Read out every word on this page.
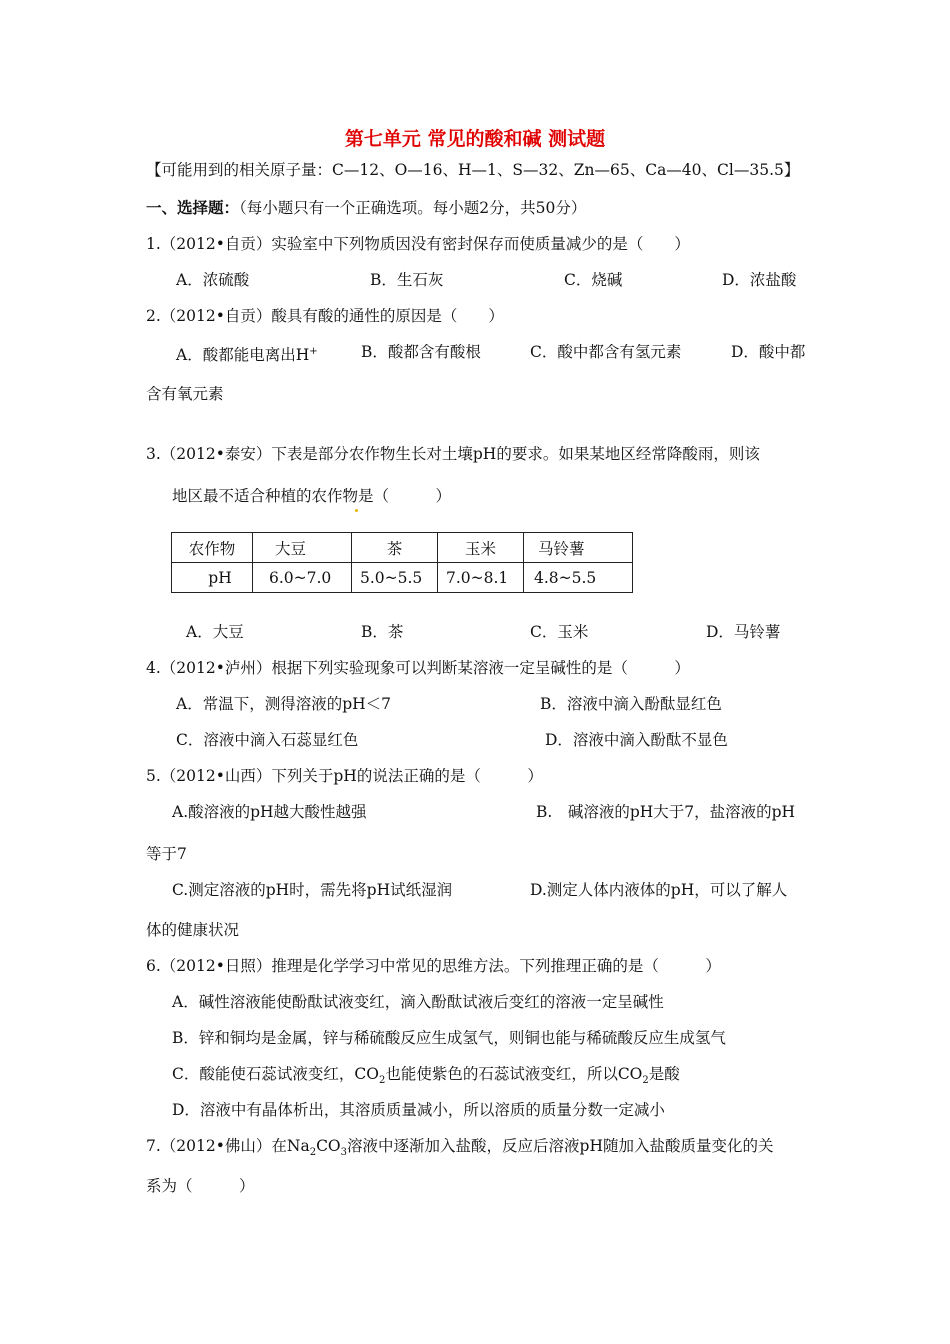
第七单元 常见的酸和碱 测试题
【可能用到的相关原子量：C—12、O—16、H—1、S—32、Zn—65、Ca—40、Cl—35.5】
一、选择题：（每小题只有一个正确选项。每小题2分，共50分）
1.（2012•自贡）实验室中下列物质因没有密封保存而使质量减少的是（　　）
A．浓硫酸	B．生石灰	C．烧碱	D．浓盐酸
2.（2012•自贡）酸具有酸的通性的原因是（　　）
A．酸都能电离出H+	B．酸都含有酸根	C．酸中都含有氢元素	D．酸中都
含有氧元素
3.（2012•泰安）下表是部分农作物生长对土壤pH的要求。如果某地区经常降酸雨，则该
地区最不适合种植的农作物是（　　　）
农作物	大豆	茶	玉米	马铃薯
pH	6.0~7.0	5.0~5.5	7.0~8.1	4.8~5.5
A．大豆	B．茶	C．玉米	D．马铃薯
4.（2012•泸州）根据下列实验现象可以判断某溶液一定呈碱性的是（　　　）
A．常温下，测得溶液的pH＜7	B．溶液中滴入酚酞显红色
C．溶液中滴入石蕊显红色	D．溶液中滴入酚酞不显色
5.（2012•山西）下列关于pH的说法正确的是（　　　）
A.酸溶液的pH越大酸性越强	B.　碱溶液的pH大于7，盐溶液的pH
等于7
C.测定溶液的pH时，需先将pH试纸湿润	D.测定人体内液体的pH，可以了解人
体的健康状况
6.（2012•日照）推理是化学学习中常见的思维方法。下列推理正确的是（　　　）
A．碱性溶液能使酚酞试液变红，滴入酚酞试液后变红的溶液一定呈碱性
B．锌和铜均是金属，锌与稀硫酸反应生成氢气，则铜也能与稀硫酸反应生成氢气
C．酸能使石蕊试液变红，$CO_2$也能使紫色的石蕊试液变红，所以$CO_2$是酸
D．溶液中有晶体析出，其溶质质量减小，所以溶质的质量分数一定减小
7.（2012•佛山）在$Na_2CO_3$溶液中逐渐加入盐酸，反应后溶液pH随加入盐酸质量变化的关
系为（　　　）
